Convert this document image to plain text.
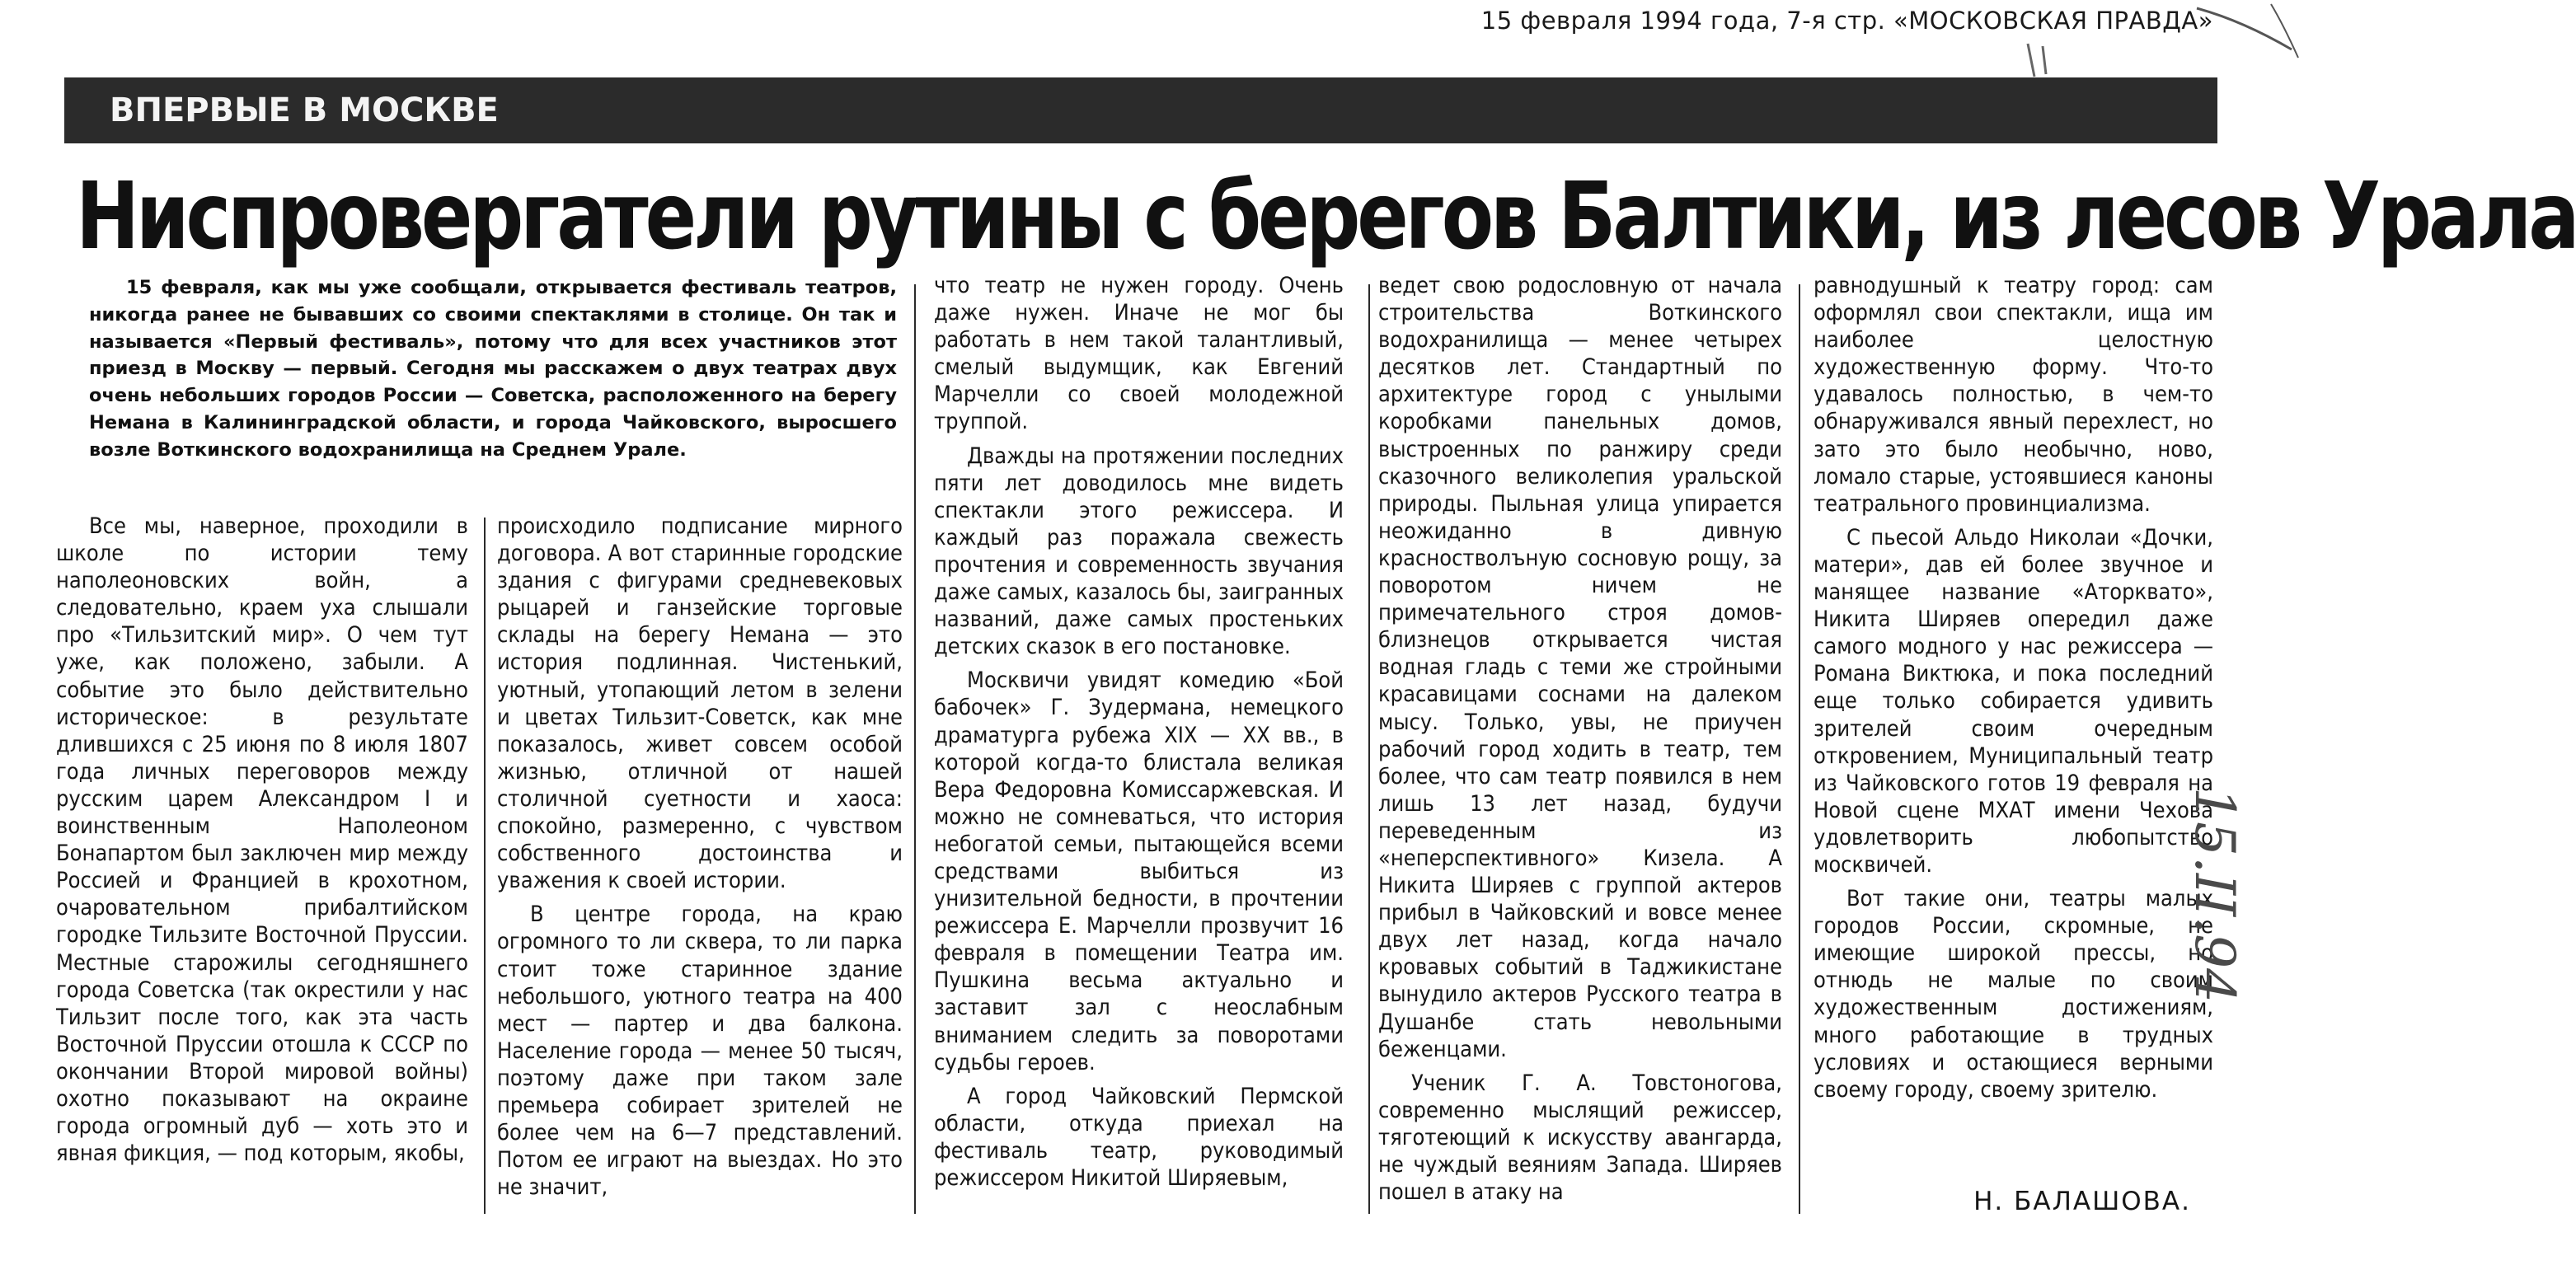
15 февраля 1994 года, 7-я стр. «МОСКОВСКАЯ ПРАВДА»
ВПЕРВЫЕ В МОСКВЕ
Ниспровергатели рутины с берегов Балтики, из лесов Урала

15 февраля, как мы уже сообщали, открывается фестиваль театров, никогда ранее не бывавших со своими спектаклями в столице. Он так и называется «Первый фестиваль», потому что для всех участников этот приезд в Москву — первый. Сегодня мы расскажем о двух театрах двух очень небольших городов России — Советска, расположенного на берегу Немана в Калининградской области, и города Чайковского, выросшего возле Воткинского водохранилища на Среднем Урале.

Все мы, наверное, проходили в школе по истории тему наполеоновских войн, а следовательно, краем уха слышали про «Тильзитский мир». О чем тут уже, как положено, забыли. А событие это было действительно историческое: в результате длившихся с 25 июня по 8 июля 1807 года личных переговоров между русским царем Александром I и воинственным Наполеоном Бонапартом был заключен мир между Россией и Францией в крохотном, очаровательном прибалтийском городке Тильзите Восточной Пруссии. Местные старожилы сегодняшнего города Советска (так окрестили у нас Тильзит после того, как эта часть Восточной Пруссии отошла к СССР по окончании Второй мировой войны) охотно показывают на окраине города огромный дуб — хоть это и явная фикция, — под которым, якобы,

происходило подписание мирного договора. А вот старинные городские здания с фигурами средневековых рыцарей и ганзейские торговые склады на берегу Немана — это история подлинная. Чистенький, уютный, утопающий летом в зелени и цветах Тильзит-Советск, как мне показалось, живет совсем особой жизнью, отличной от нашей столичной суетности и хаоса: спокойно, размеренно, с чувством собственного достоинства и уважения к своей истории.

В центре города, на краю огромного то ли сквера, то ли парка стоит тоже старинное здание небольшого, уютного театра на 400 мест — партер и два балкона. Население города — менее 50 тысяч, поэтому даже при таком зале премьера собирает зрителей не более чем на 6—7 представлений. Потом ее играют на выездах. Но это не значит,

что театр не нужен городу. Очень даже нужен. Иначе не мог бы работать в нем такой талантливый, смелый выдумщик, как Евгений Марчелли со своей молодежной труппой.

Дважды на протяжении последних пяти лет доводилось мне видеть спектакли этого режиссера. И каждый раз поражала свежесть прочтения и современность звучания даже самых, казалось бы, заигранных названий, даже самых простеньких детских сказок в его постановке.

Москвичи увидят комедию «Бой бабочек» Г. Зудермана, немецкого драматурга рубежа XIX — XX вв., в которой когда-то блистала великая Вера Федоровна Комиссаржевская. И можно не сомневаться, что история небогатой семьи, пытающейся всеми средствами выбиться из унизительной бедности, в прочтении режиссера Е. Марчелли прозвучит 16 февраля в помещении Театра им. Пушкина весьма актуально и заставит зал с неослабным вниманием следить за поворотами судьбы героев.

А город Чайковский Пермской области, откуда приехал на фестиваль театр, руководимый режиссером Никитой Ширяевым,

ведет свою родословную от начала строительства Воткинского водохранилища — менее четырех десятков лет. Стандартный по архитектуре город с унылыми коробками панельных домов, выстроенных по ранжиру среди сказочного великолепия уральской природы. Пыльная улица упирается неожиданно в дивную красностволъную сосновую рощу, за поворотом ничем не примечательного строя домов-близнецов открывается чистая водная гладь с теми же стройными красавицами соснами на далеком мысу. Только, увы, не приучен рабочий город ходить в театр, тем более, что сам театр появился в нем лишь 13 лет назад, будучи переведенным из «неперспективного» Кизела. А Никита Ширяев с группой актеров прибыл в Чайковский и вовсе менее двух лет назад, когда начало кровавых событий в Таджикистане вынудило актеров Русского театра в Душанбе стать невольными беженцами.

Ученик Г. А. Товстоногова, современно мыслящий режиссер, тяготеющий к искусству авангарда, не чуждый веяниям Запада. Ширяев пошел в атаку на

равнодушный к театру город: сам оформлял свои спектакли, ища им наиболее целостную художественную форму. Что-то удавалось полностью, в чем-то обнаруживался явный перехлест, но зато это было необычно, ново, ломало старые, устоявшиеся каноны театрального провинциализма.

С пьесой Альдо Николаи «Дочки, матери», дав ей более звучное и манящее название «Аторквато», Никита Ширяев опередил даже самого модного у нас режиссера — Романа Виктюка, и пока последний еще только собирается удивить зрителей своим очередным откровением, Муниципальный театр из Чайковского готов 19 февраля на Новой сцене МХАТ имени Чехова удовлетворить любопытство москвичей.

Вот такие они, театры малых городов России, скромные, не имеющие широкой прессы, но отнюдь не малые по своим художественным достижениям, много работающие в трудных условиях и остающиеся верными своему городу, своему зрителю.

Н. БАЛАШОВА.
15.II.94
